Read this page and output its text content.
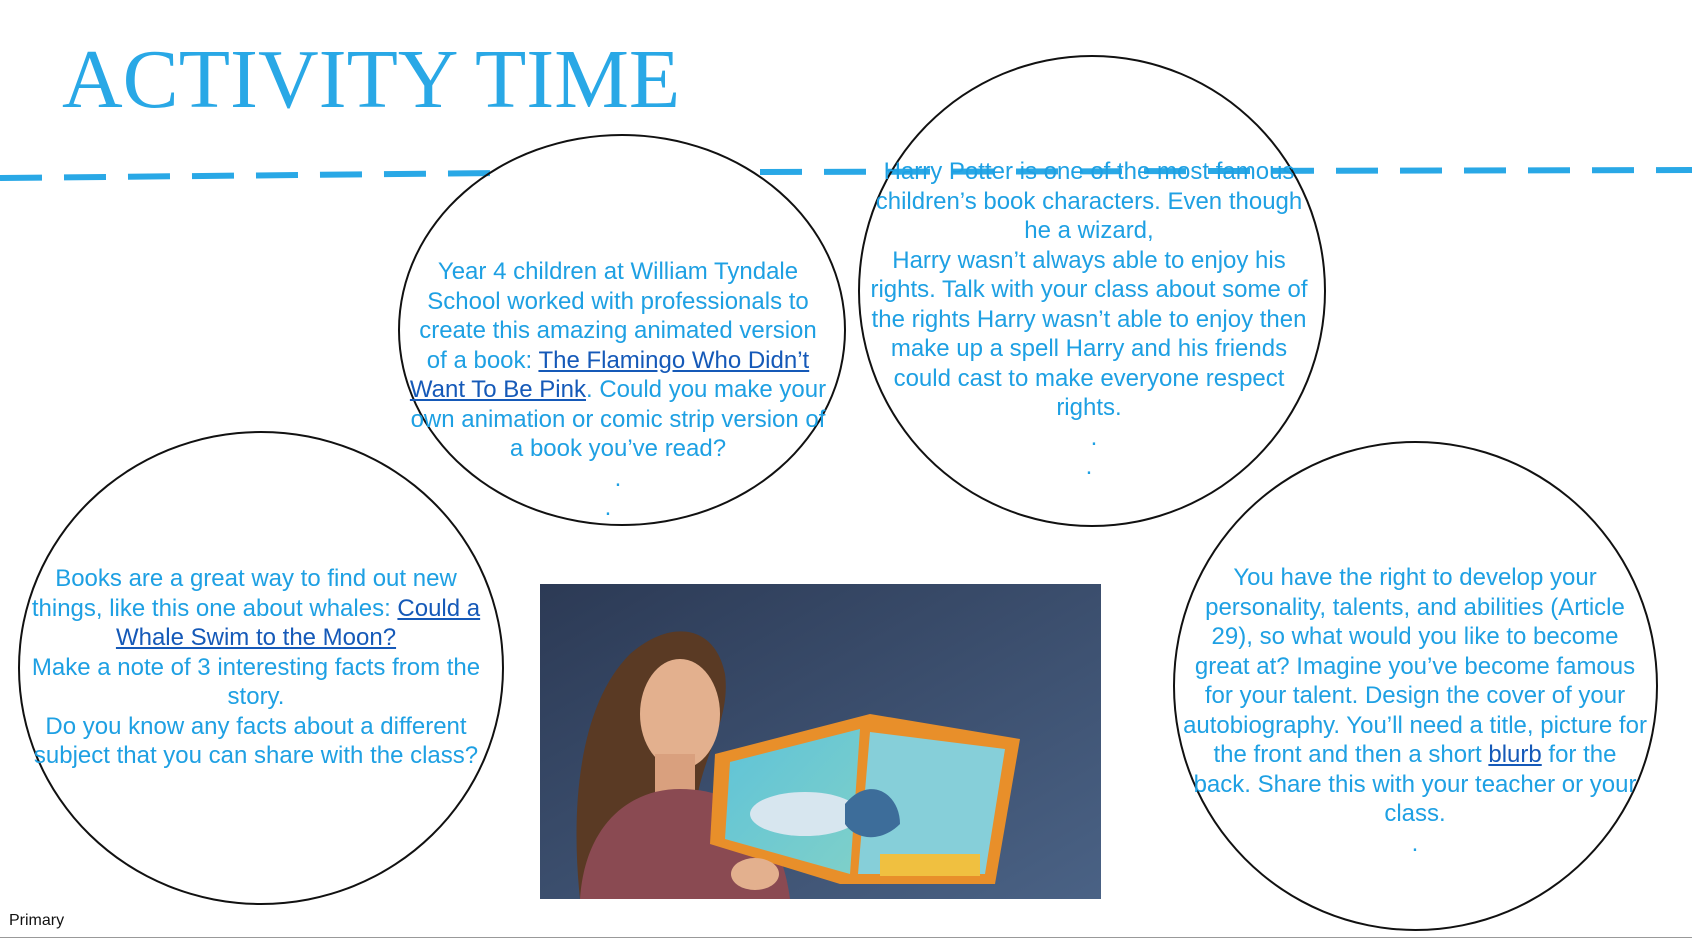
ACTIVITY TIME
Year 4 children at William Tyndale School worked with professionals to create this amazing animated version of a book: The Flamingo Who Didn’t Want To Be Pink. Could you make your own animation or comic strip version of a book you’ve read?
.
.
Harry Potter is one of the most famous children’s book characters. Even though he a wizard,
Harry wasn’t always able to enjoy his rights. Talk with your class about some of the rights Harry wasn’t able to enjoy then make up a spell Harry and his friends could cast to make everyone respect rights.
.
.
Books are a great way to find out new things, like this one about whales: Could a Whale Swim to the Moon?
Make a note of 3 interesting facts from the story.
Do you know any facts about a different subject that you can share with the class?
You have the right to develop your personality, talents, and abilities (Article 29), so what would you like to become great at? Imagine you’ve become famous for your talent. Design the cover of your autobiography. You’ll need a title, picture for the front and then a short blurb for the back. Share this with your teacher or your class.
.
Primary
